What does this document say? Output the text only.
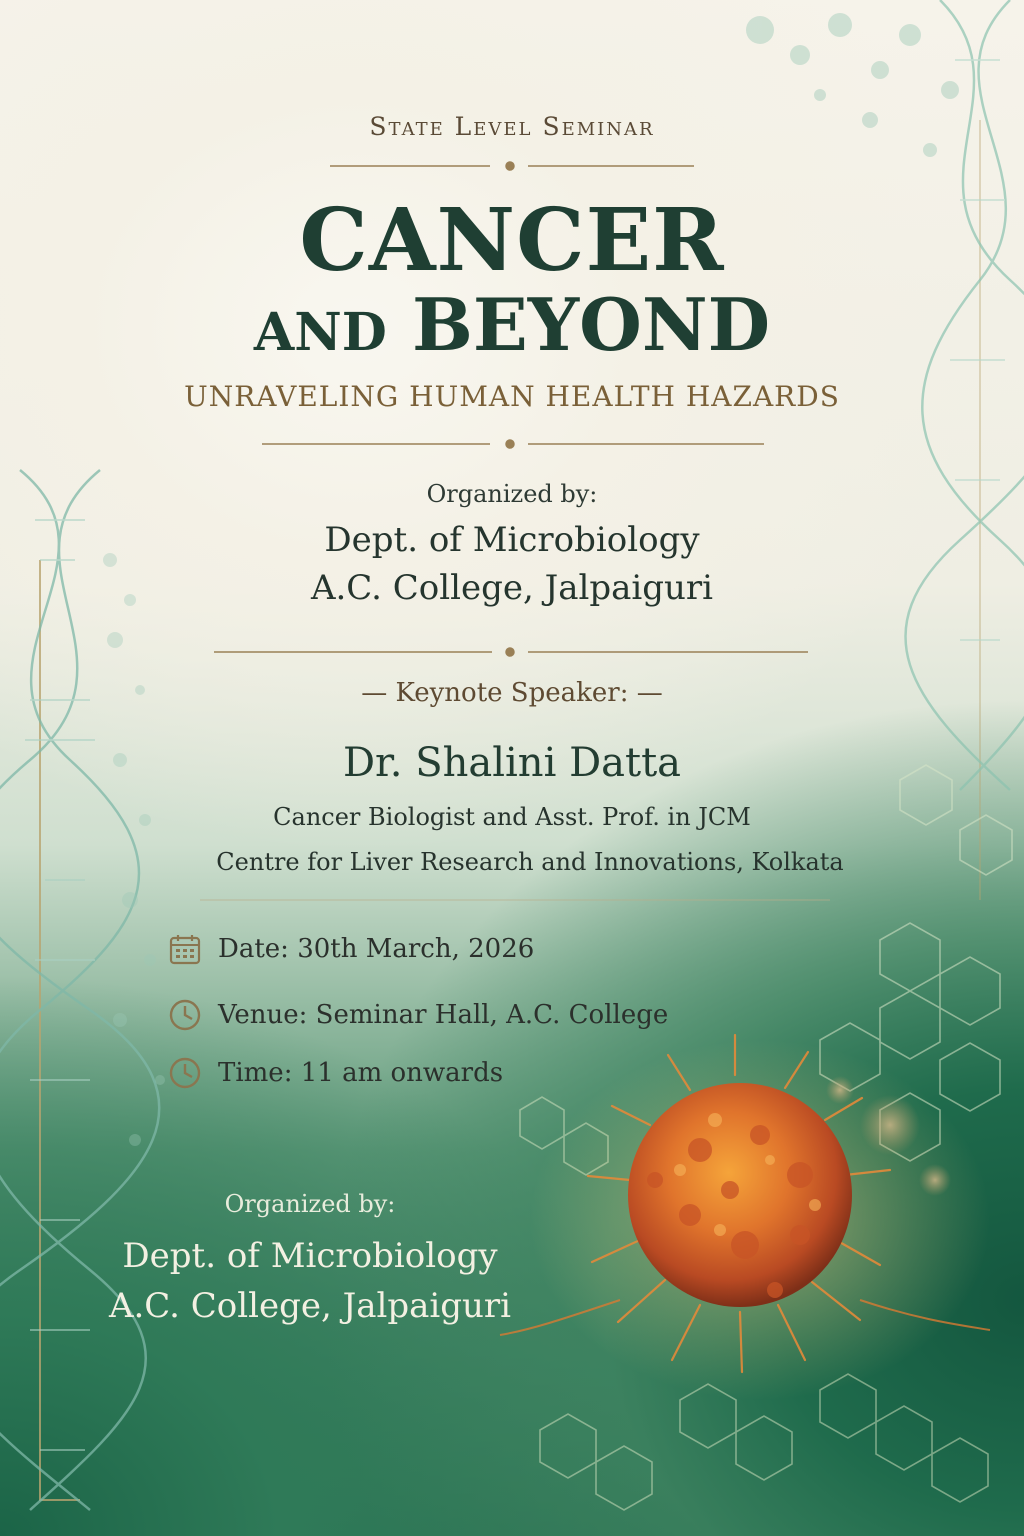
State Level Seminar

CANCER

AND BEYOND

UNRAVELING HUMAN HEALTH HAZARDS

Organized by:

Dept. of Microbiology

A.C. College, Jalpaiguri

— Keynote Speaker: —

Dr. Shalini Datta

Cancer Biologist and Asst. Prof. in JCM

Centre for Liver Research and Innovations, Kolkata

Date: 30th March, 2026
Venue: Seminar Hall, A.C. College
Time: 11 am onwards

Organized by:

Dept. of Microbiology

A.C. College, Jalpaiguri
